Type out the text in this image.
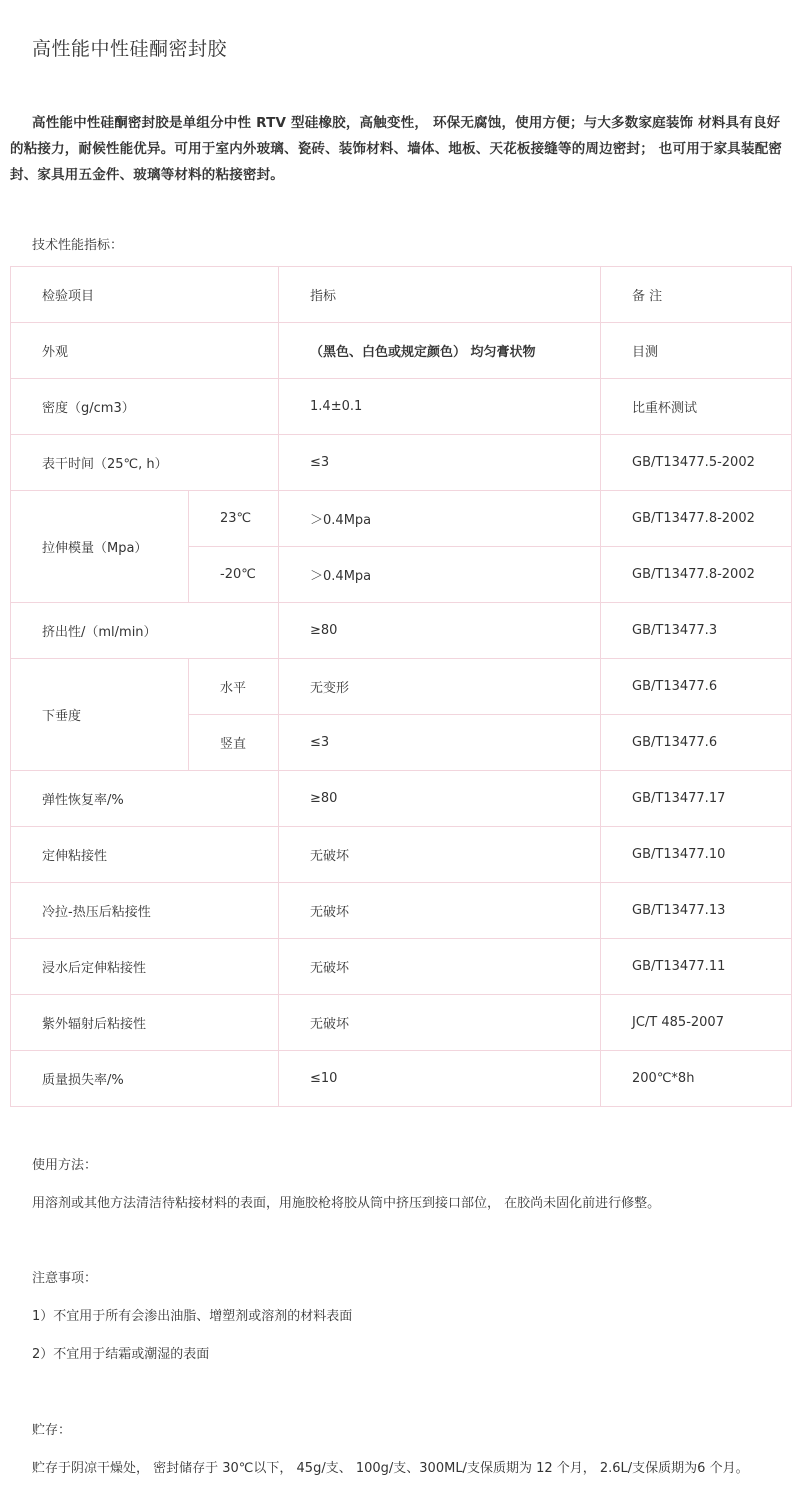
高性能中性硅酮密封胶
高性能中性硅酮密封胶是单组分中性 RTV 型硅橡胶，高触变性， 环保无腐蚀，使用方便；与大多数家庭装饰 材料具有良好的粘接力，耐候性能优异。可用于室内外玻璃、瓷砖、装饰材料、墙体、地板、天花板接缝等的周边密封； 也可用于家具装配密封、家具用五金件、玻璃等材料的粘接密封。
技术性能指标：
检验项目		指标	备 注
外观		（黑色、白色或规定颜色） 均匀膏状物	目测
密度（g/cm3）		1.4±0.1	比重杯测试
表干时间（25℃, h）		≤3	GB/T13477.5-2002
拉伸模量（Mpa）	23℃	＞0.4Mpa	GB/T13477.8-2002
	-20℃	＞0.4Mpa	GB/T13477.8-2002
挤出性/（ml/min）		≥80	GB/T13477.3
下垂度	水平	无变形	GB/T13477.6
	竖直	≤3	GB/T13477.6
弹性恢复率/%		≥80	GB/T13477.17
定伸粘接性		无破坏	GB/T13477.10
冷拉-热压后粘接性		无破坏	GB/T13477.13
浸水后定伸粘接性		无破坏	GB/T13477.11
紫外辐射后粘接性		无破坏	JC/T 485-2007
质量损失率/%		≤10	200℃*8h
使用方法：
用溶剂或其他方法清洁待粘接材料的表面，用施胶枪将胶从筒中挤压到接口部位， 在胶尚未固化前进行修整。
注意事项：
1）不宜用于所有会渗出油脂、增塑剂或溶剂的材料表面
2）不宜用于结霜或潮湿的表面
贮存：
贮存于阴凉干燥处， 密封储存于 30℃以下， 45g/支、 100g/支、300ML/支保质期为 12 个月， 2.6L/支保质期为6 个月。
